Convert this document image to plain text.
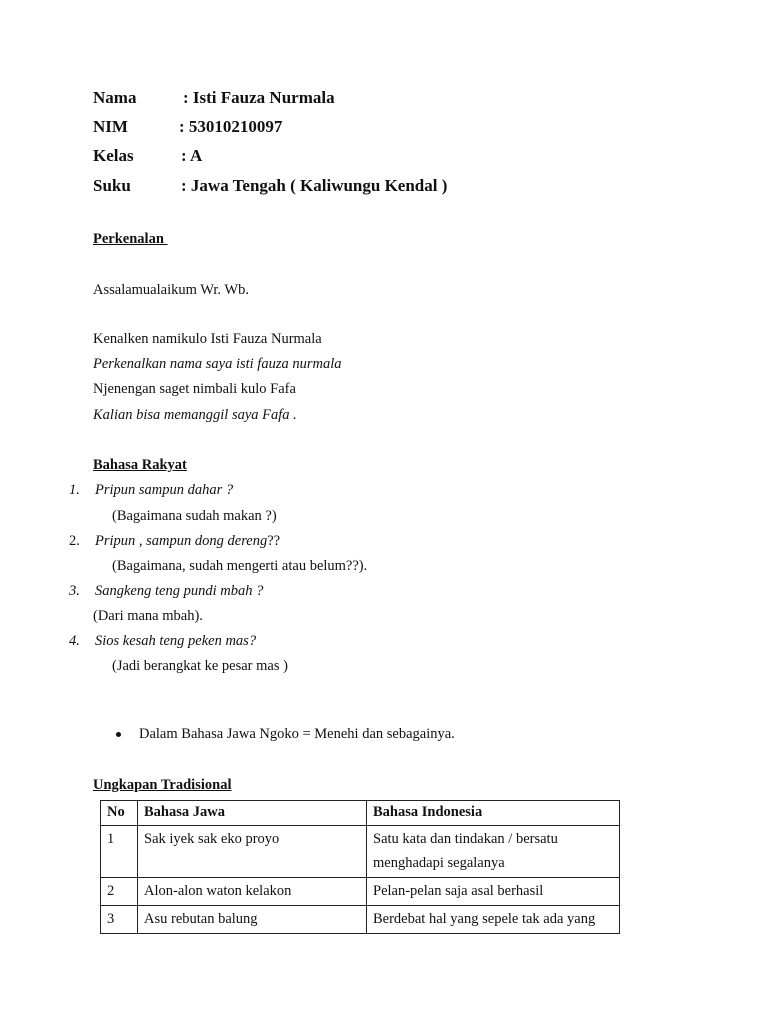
Nama	: Isti Fauza Nurmala
NIM	: 53010210097
Kelas	: A
Suku	: Jawa Tengah ( Kaliwungu Kendal )
Perkenalan
Assalamualaikum Wr. Wb.
Kenalken namikulo Isti Fauza Nurmala
Perkenalkan nama saya isti fauza nurmala
Njenengan saget nimbali kulo Fafa
Kalian bisa memanggil saya Fafa .
Bahasa Rakyat
1. Pripun sampun dahar ?
(Bagaimana sudah makan ?)
2. Pripun , sampun dong dereng??
(Bagaimana, sudah mengerti atau belum??).
3. Sangkeng teng pundi mbah ?
(Dari mana mbah).
4. Sios kesah teng peken mas?
(Jadi berangkat ke pesar mas )
Dalam Bahasa Jawa Ngoko = Menehi dan sebagainya.
Ungkapan Tradisional
No	Bahasa Jawa	Bahasa Indonesia
1	Sak iyek sak eko proyo	Satu kata dan tindakan / bersatu
menghadapi segalanya

2	Alon-alon waton kelakon	Pelan-pelan saja asal berhasil
3	Asu rebutan balung	Berdebat hal yang sepele tak ada yang
